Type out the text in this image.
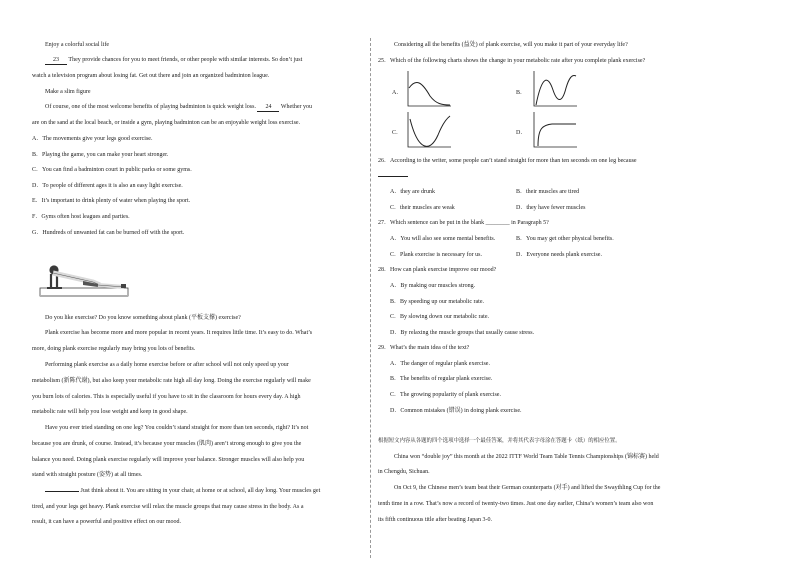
Enjoy a colorful social life
23 They provide chances for you to meet friends, or other people with similar interests. So don’t just
watch a television program about losing fat. Get out there and join an organized badminton league.
Make a slim figure
Of course, one of the most welcome benefits of playing badminton is quick weight loss. 24 Whether you
are on the sand at the local beach, or inside a gym, playing badminton can be an enjoyable weight loss exercise.
A．The movements give your legs good exercise.
B．Playing the game, you can make your heart stronger.
C．You can find a badminton court in public parks or some gyms.
D．To people of different ages it is also an easy light exercise.
E．It’s important to drink plenty of water when playing the sport.
F．Gyms often host leagues and parties.
G．Hundreds of unwanted fat can be burned off with the sport.
Do you like exercise? Do you know something about plank (平板支撑) exercise?
Plank exercise has become more and more popular in recent years. It requires little time. It’s easy to do. What’s
more, doing plank exercise regularly may bring you lots of benefits.
Performing plank exercise as a daily home exercise before or after school will not only speed up your
metabolism (新陈代谢), but also keep your metabolic rate high all day long. Doing the exercise regularly will make
you burn lots of calories. This is especially useful if you have to sit in the classroom for hours every day. A high
metabolic rate will help you lose weight and keep in good shape.
Have you ever tried standing on one leg? You couldn’t stand straight for more than ten seconds, right? It’s not
because you are drunk, of course. Instead, it’s because your muscles (肌肉) aren’t strong enough to give you the
balance you need. Doing plank exercise regularly will improve your balance. Stronger muscles will also help you
stand with straight posture (姿势) at all times.
Just think about it. You are sitting in your chair, at home or at school, all day long. Your muscles get
tired, and your legs get heavy. Plank exercise will relax the muscle groups that may cause stress in the body. As a
result, it can have a powerful and positive effect on our mood.
Considering all the benefits (益处) of plank exercise, will you make it part of your everyday life?
25．Which of the following charts shows the change in your metabolic rate after you complete plank exercise?
A．	B．
C．	D．
26．According to the writer, some people can’t stand straight for more than ten seconds on one leg because
A．they are drunk	B．their muscles are tired
C．their muscles are weak	D．they have fewer muscles
27．Which sentence can be put in the blank ________ in Paragraph 5?
A．You will also see some mental benefits.	B．You may get other physical benefits.
C．Plank exercise is necessary for us.	D．Everyone needs plank exercise.
28．How can plank exercise improve our mood?
A．By making our muscles strong.
B．By speeding up our metabolic rate.
C．By slowing down our metabolic rate.
D．By relaxing the muscle groups that usually cause stress.
29．What’s the main idea of the text?
A．The danger of regular plank exercise.
B．The benefits of regular plank exercise.
C．The growing popularity of plank exercise.
D．Common mistakes (错误) in doing plank exercise.
根据短文内容从各题的四个选项中选择一个最佳答案，并将其代表字母涂在答题卡（纸）的相应位置。
China won “double joy” this month at the 2022 ITTF World Team Table Tennis Championships (锦标赛) held
in Chengdu, Sichuan.
On Oct 9, the Chinese men’s team beat their German counterparts (对手) and lifted the Swaythling Cup for the
tenth time in a row. That’s now a record of twenty-two times. Just one day earlier, China’s women’s team also won
its fifth continuous title after beating Japan 3-0.
